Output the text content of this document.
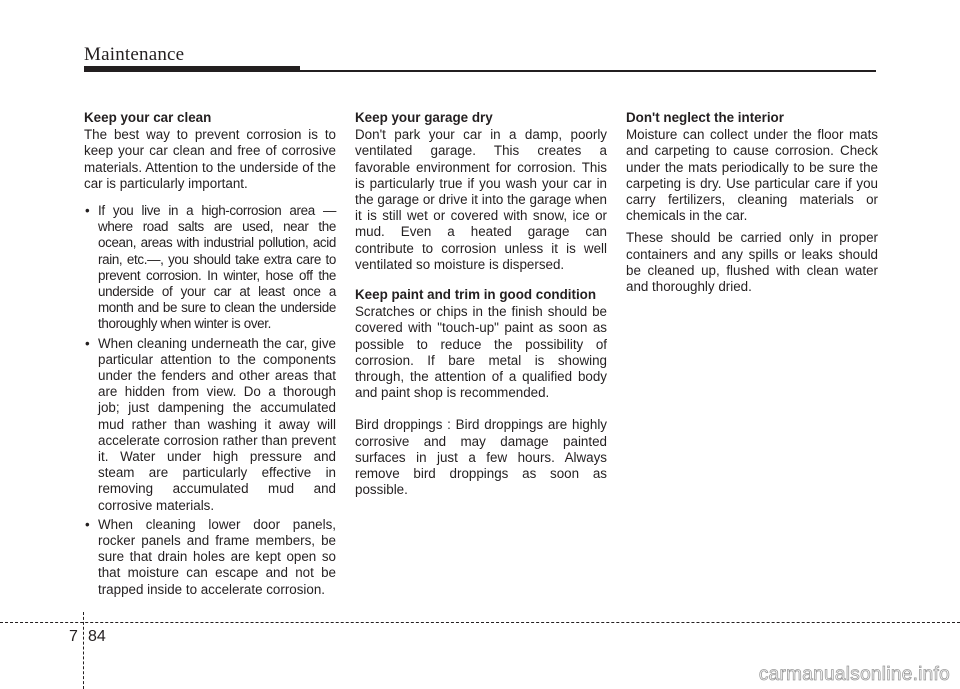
Maintenance
Keep your car clean

The best way to prevent corrosion is to keep your car clean and free of corrosive materials. Attention to the underside of the car is particularly important.

• If you live in a high-corrosion area — where road salts are used, near the ocean, areas with industrial pollution, acid rain, etc.—, you should take extra care to prevent corrosion. In winter, hose off the underside of your car at least once a month and be sure to clean the underside thoroughly when winter is over.
• When cleaning underneath the car, give particular attention to the components under the fenders and other areas that are hidden from view. Do a thorough job; just dampening the accumulated mud rather than washing it away will accelerate corrosion rather than prevent it. Water under high pressure and steam are particularly effective in removing accumulated mud and corrosive materials.
• When cleaning lower door panels, rocker panels and frame members, be sure that drain holes are kept open so that moisture can escape and not be trapped inside to accelerate corrosion.
Keep your garage dry

Don't park your car in a damp, poorly ventilated garage. This creates a favorable environment for corrosion. This is particularly true if you wash your car in the garage or drive it into the garage when it is still wet or covered with snow, ice or mud. Even a heated garage can contribute to corrosion unless it is well ventilated so moisture is dispersed.

Keep paint and trim in good condition

Scratches or chips in the finish should be covered with "touch-up" paint as soon as possible to reduce the possibility of corrosion. If bare metal is showing through, the attention of a qualified body and paint shop is recommended.

Bird droppings : Bird droppings are highly corrosive and may damage painted surfaces in just a few hours. Always remove bird droppings as soon as possible.

Don't neglect the interior

Moisture can collect under the floor mats and carpeting to cause corrosion. Check under the mats periodically to be sure the carpeting is dry. Use particular care if you carry fertilizers, cleaning materials or chemicals in the car.

These should be carried only in proper containers and any spills or leaks should be cleaned up, flushed with clean water and thoroughly dried.

7 84
carmanualsonline.info
